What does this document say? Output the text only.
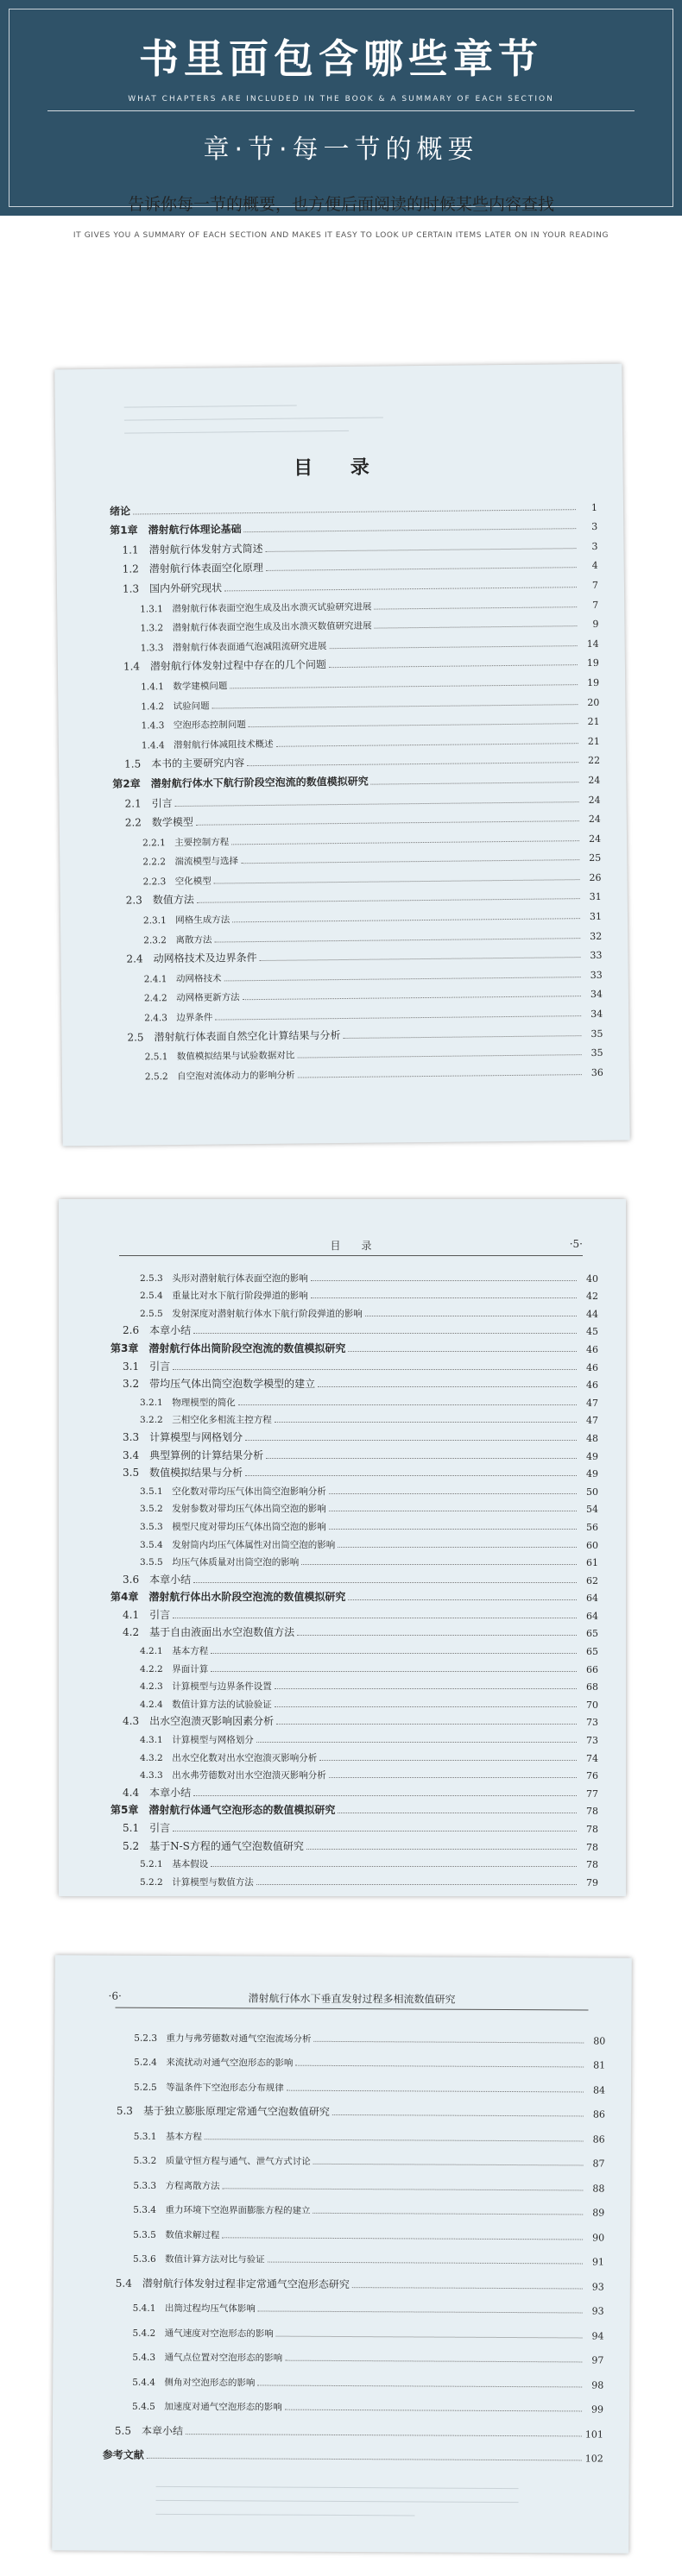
书里面包含哪些章节
WHAT CHAPTERS ARE INCLUDED IN THE BOOK & A SUMMARY OF EACH SECTION
章·节·每一节的概要
告诉你每一节的概要，也方便后面阅读的时候某些内容查找
IT GIVES YOU A SUMMARY OF EACH SECTION AND MAKES IT EASY TO LOOK UP CERTAIN ITEMS LATER ON IN YOUR READING
目 录
绪论	1
第1章　潜射航行体理论基础	3
1.1　潜射航行体发射方式简述	3
1.2　潜射航行体表面空化原理	4
1.3　国内外研究现状	7
1.3.1　潜射航行体表面空泡生成及出水溃灭试验研究进展	7
1.3.2　潜射航行体表面空泡生成及出水溃灭数值研究进展	9
1.3.3　潜射航行体表面通气泡减阻流研究进展	14
1.4　潜射航行体发射过程中存在的几个问题	19
1.4.1　数学建模问题	19
1.4.2　试验问题	20
1.4.3　空泡形态控制问题	21
1.4.4　潜射航行体减阻技术概述	21
1.5　本书的主要研究内容	22
第2章　潜射航行体水下航行阶段空泡流的数值模拟研究	24
2.1　引言	24
2.2　数学模型	24
2.2.1　主要控制方程	24
2.2.2　湍流模型与选择	25
2.2.3　空化模型	26
2.3　数值方法	31
2.3.1　网格生成方法	31
2.3.2　离散方法	32
2.4　动网格技术及边界条件	33
2.4.1　动网格技术	33
2.4.2　动网格更新方法	34
2.4.3　边界条件	34
2.5　潜射航行体表面自然空化计算结果与分析	35
2.5.1　数值模拟结果与试验数据对比	35
2.5.2　自空泡对流体动力的影响分析	36
目　　录	·5·
2.5.3　头形对潜射航行体表面空泡的影响	40
2.5.4　重量比对水下航行阶段弹道的影响	42
2.5.5　发射深度对潜射航行体水下航行阶段弹道的影响	44
2.6　本章小结	45
第3章　潜射航行体出筒阶段空泡流的数值模拟研究	46
3.1　引言	46
3.2　带均压气体出筒空泡数学模型的建立	46
3.2.1　物理模型的简化	47
3.2.2　三相空化多相流主控方程	47
3.3　计算模型与网格划分	48
3.4　典型算例的计算结果分析	49
3.5　数值模拟结果与分析	49
3.5.1　空化数对带均压气体出筒空泡影响分析	50
3.5.2　发射参数对带均压气体出筒空泡的影响	54
3.5.3　模型尺度对带均压气体出筒空泡的影响	56
3.5.4　发射筒内均压气体属性对出筒空泡的影响	60
3.5.5　均压气体质量对出筒空泡的影响	61
3.6　本章小结	62
第4章　潜射航行体出水阶段空泡流的数值模拟研究	64
4.1　引言	64
4.2　基于自由液面出水空泡数值方法	65
4.2.1　基本方程	65
4.2.2　界面计算	66
4.2.3　计算模型与边界条件设置	68
4.2.4　数值计算方法的试验验证	70
4.3　出水空泡溃灭影响因素分析	73
4.3.1　计算模型与网格划分	73
4.3.2　出水空化数对出水空泡溃灭影响分析	74
4.3.3　出水弗劳德数对出水空泡溃灭影响分析	76
4.4　本章小结	77
第5章　潜射航行体通气空泡形态的数值模拟研究	78
5.1　引言	78
5.2　基于N-S方程的通气空泡数值研究	78
5.2.1　基本假设	78
5.2.2　计算模型与数值方法	79
潜射航行体水下垂直发射过程多相流数值研究
·6·
5.2.3　重力与弗劳德数对通气空泡流场分析	80
5.2.4　来流扰动对通气空泡形态的影响	81
5.2.5　等温条件下空泡形态分布规律	84
5.3　基于独立膨胀原理定常通气空泡数值研究	86
5.3.1　基本方程	86
5.3.2　质量守恒方程与通气、泄气方式讨论	87
5.3.3　方程离散方法	88
5.3.4　重力环境下空泡界面膨胀方程的建立	89
5.3.5　数值求解过程	90
5.3.6　数值计算方法对比与验证	91
5.4　潜射航行体发射过程非定常通气空泡形态研究	93
5.4.1　出筒过程均压气体影响	93
5.4.2　通气速度对空泡形态的影响	94
5.4.3　通气点位置对空泡形态的影响	97
5.4.4　侧角对空泡形态的影响	98
5.4.5　加速度对通气空泡形态的影响	99
5.5　本章小结	101
参考文献	102
